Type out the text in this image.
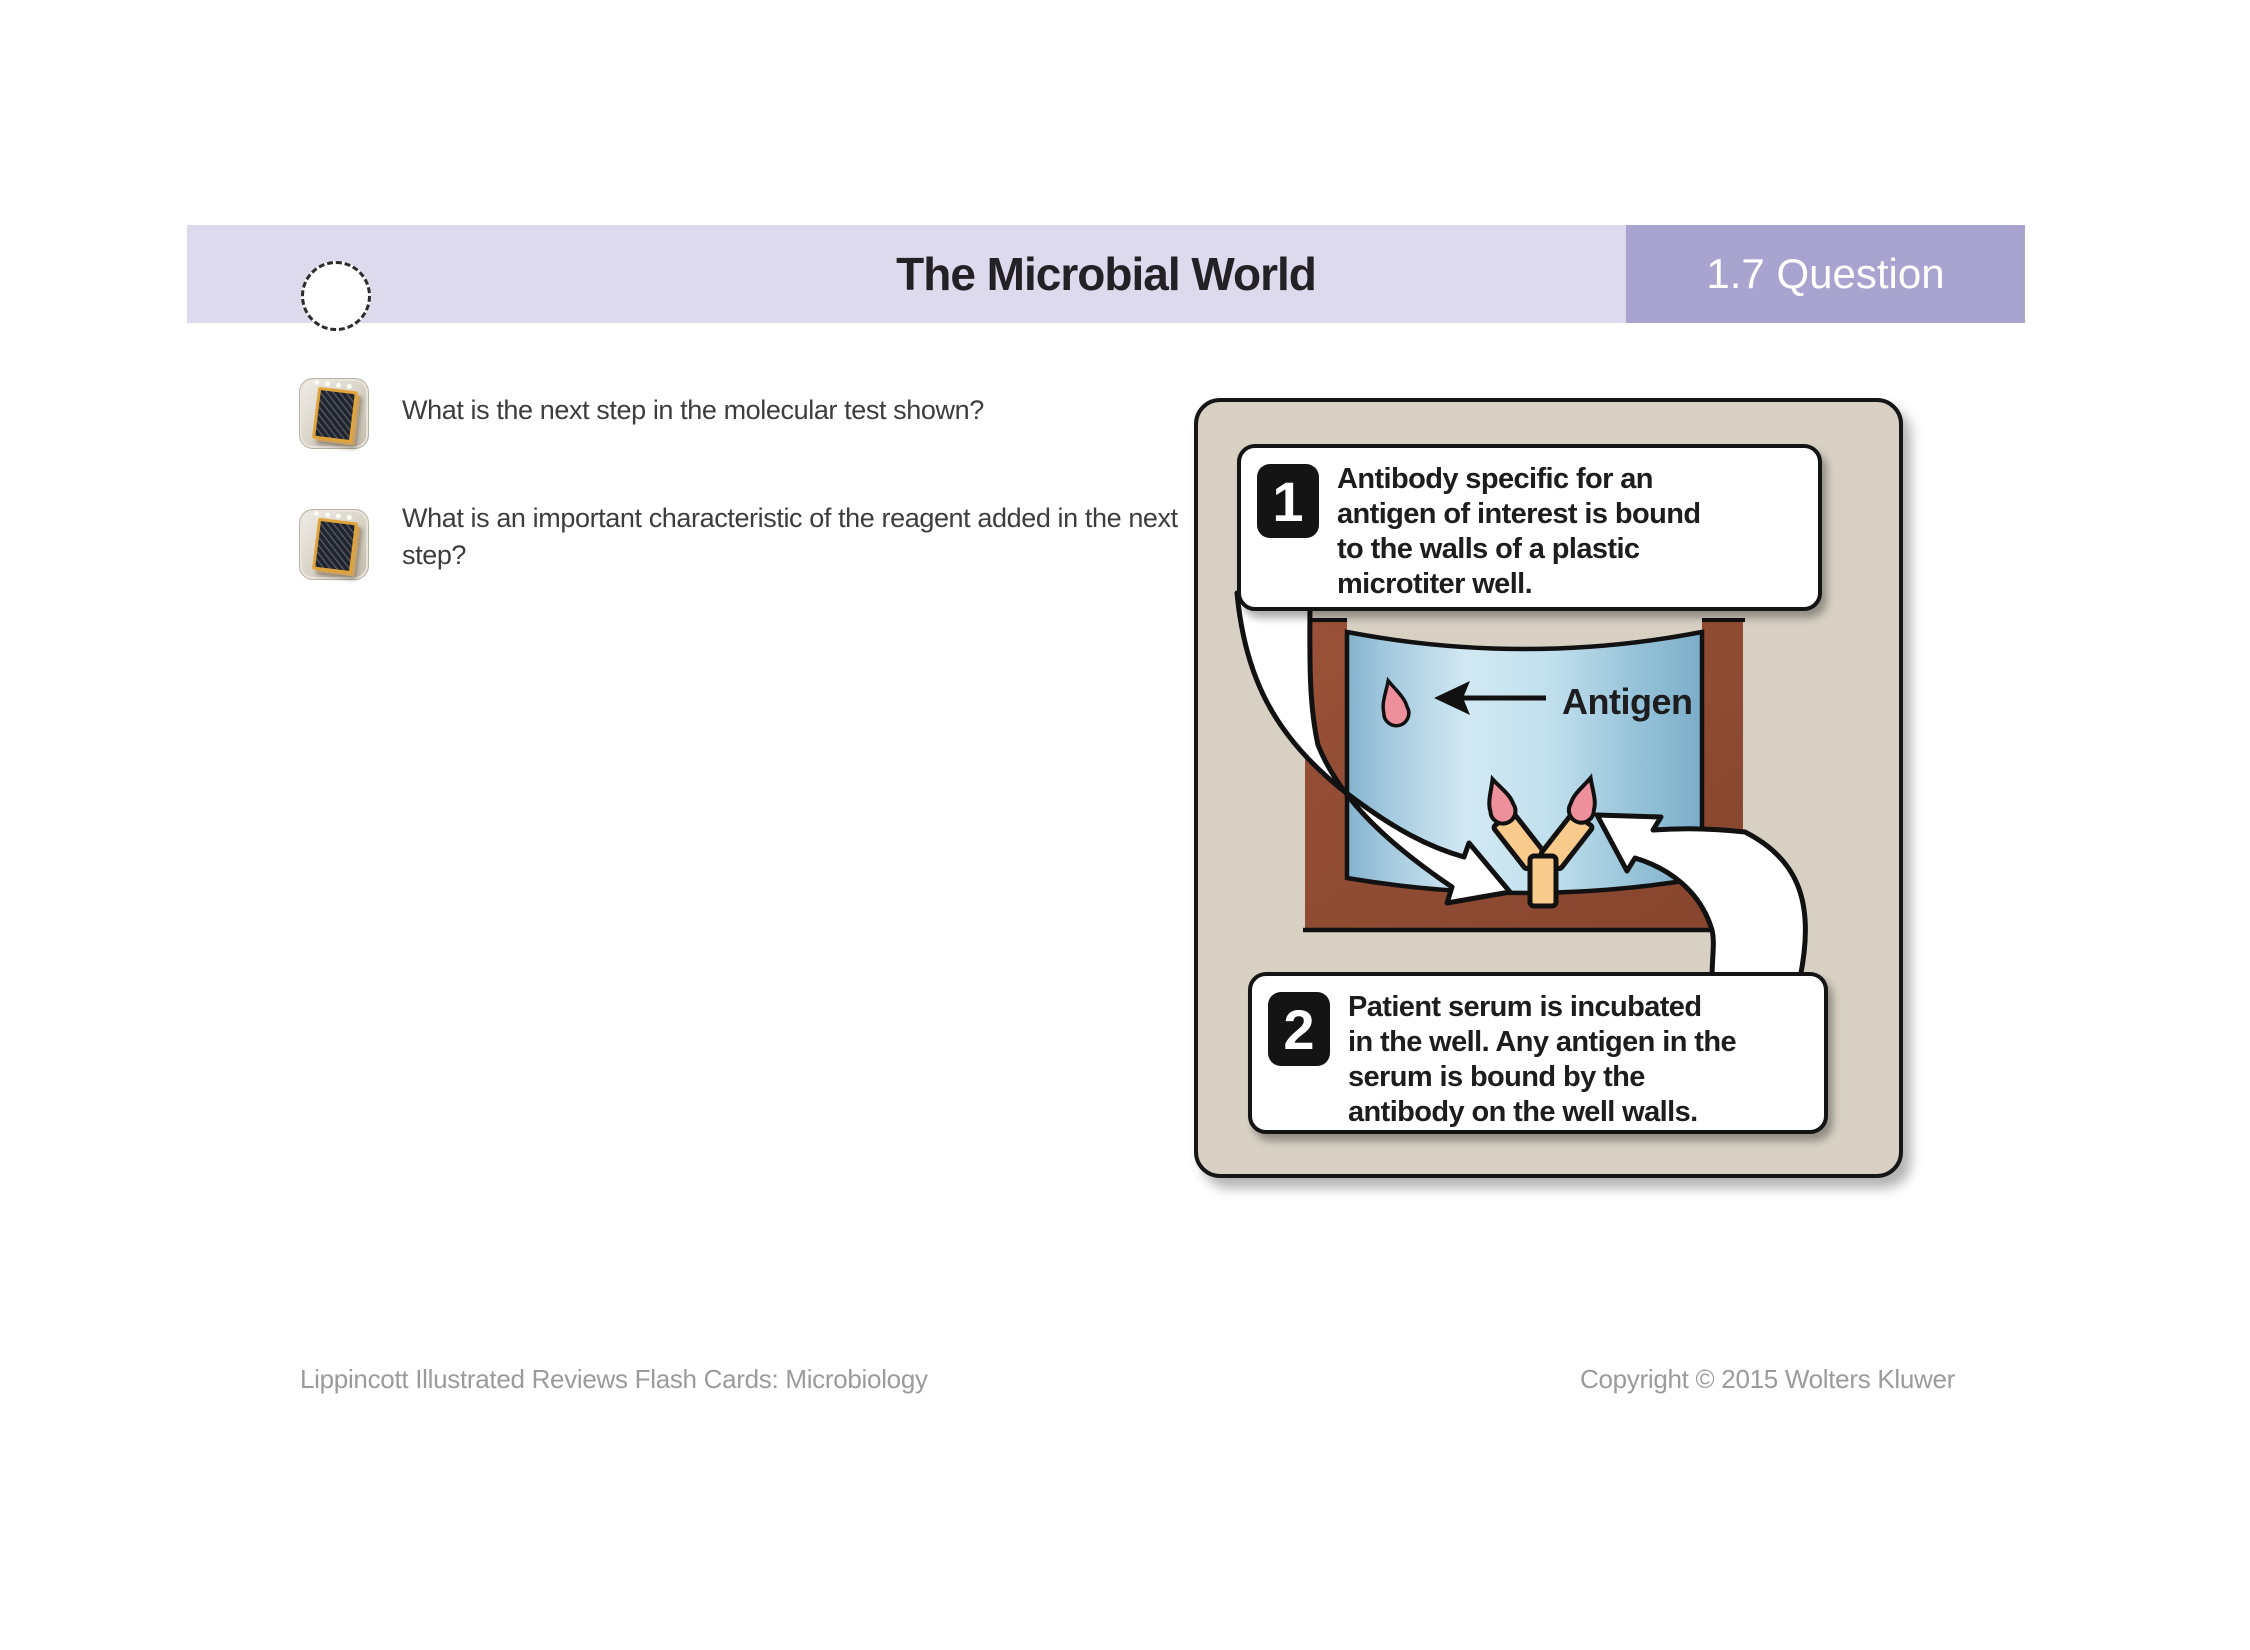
1.7 Question
The Microbial World
What is the next step in the molecular test shown?
What is an important characteristic of the reagent added in the next step?
1	Antibody specific for an
antigen of interest is bound
to the walls of a plastic
microtiter well.
2	Patient serum is incubated
in the well. Any antigen in the
serum is bound by the
antibody on the well walls.
Antigen
Lippincott Illustrated Reviews Flash Cards: Microbiology	Copyright © 2015 Wolters Kluwer
